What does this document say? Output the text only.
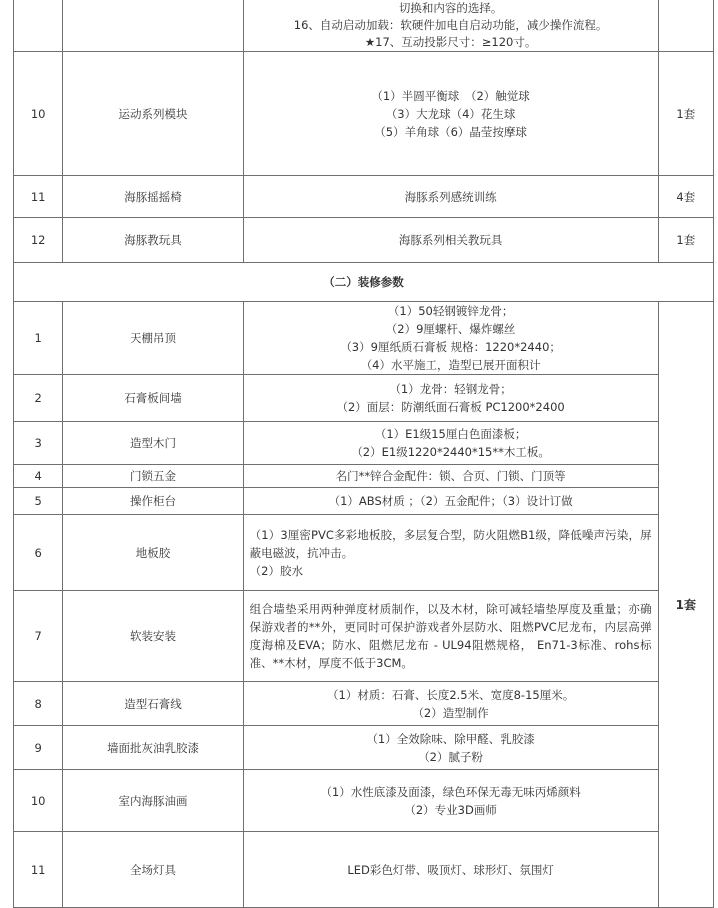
		切换和内容的选择。
16、自动启动加载：软硬件加电自启动功能，减少操作流程。
★17、互动投影尺寸：≥120寸。	

10	运动系列模块	（1）半圆平衡球　（2）触觉球
（3）大龙球（4）花生球
（5）羊角球（6）晶莹按摩球	1套
11	海豚摇摇椅	海豚系列感统训练	4套
12	海豚教玩具	海豚系列相关教玩具	1套
（二）装修参数			
1	天棚吊顶	（1）50轻钢镀锌龙骨；
（2）9厘螺杆、爆炸螺丝
（3）9厘纸质石膏板 规格：1220*2440；
（4）水平施工，造型已展开面积计	1套
2	石膏板间墙	（1）龙骨：轻钢龙骨；
（2）面层：防潮纸面石膏板 PC1200*2400	

3	造型木门	（1）E1级15厘白色面漆板；
（2）E1级1220*2440*15**木工板。	

4	门锁五金	名门**锌合金配件：锁、合页、门锁、门顶等	

5	操作柜台	（1）ABS材质 ；（2）五金配件；（3）设计订做	

6	地板胶	（1）3厘密PVC多彩地板胶，多层复合型，防火阻燃B1级，降低噪声污染，屏蔽电磁波，抗冲击。
（2）胶水	

7	软装安装	组合墙垫采用两种弹度材质制作，以及木材，除可减轻墙垫厚度及重量；亦确保游戏者的**外，更同时可保护游戏者外层防水、阻燃PVC尼龙布，内层高弹度海棉及EVA；防水、阻燃尼龙布 - UL94阻燃规格， En71-3标准、rohs标准、**木材，厚度不低于3CM。	

8	造型石膏线	（1）材质：石膏、长度2.5米、宽度8-15厘米。
（2）造型制作	

9	墙面批灰油乳胶漆	（1）全效除味、除甲醛、乳胶漆
（2）腻子粉	

10	室内海豚油画	（1）水性底漆及面漆，绿色环保无毒无味丙烯颜料
（2）专业3D画师	

11	全场灯具	LED彩色灯带、吸顶灯、球形灯、氛围灯	
